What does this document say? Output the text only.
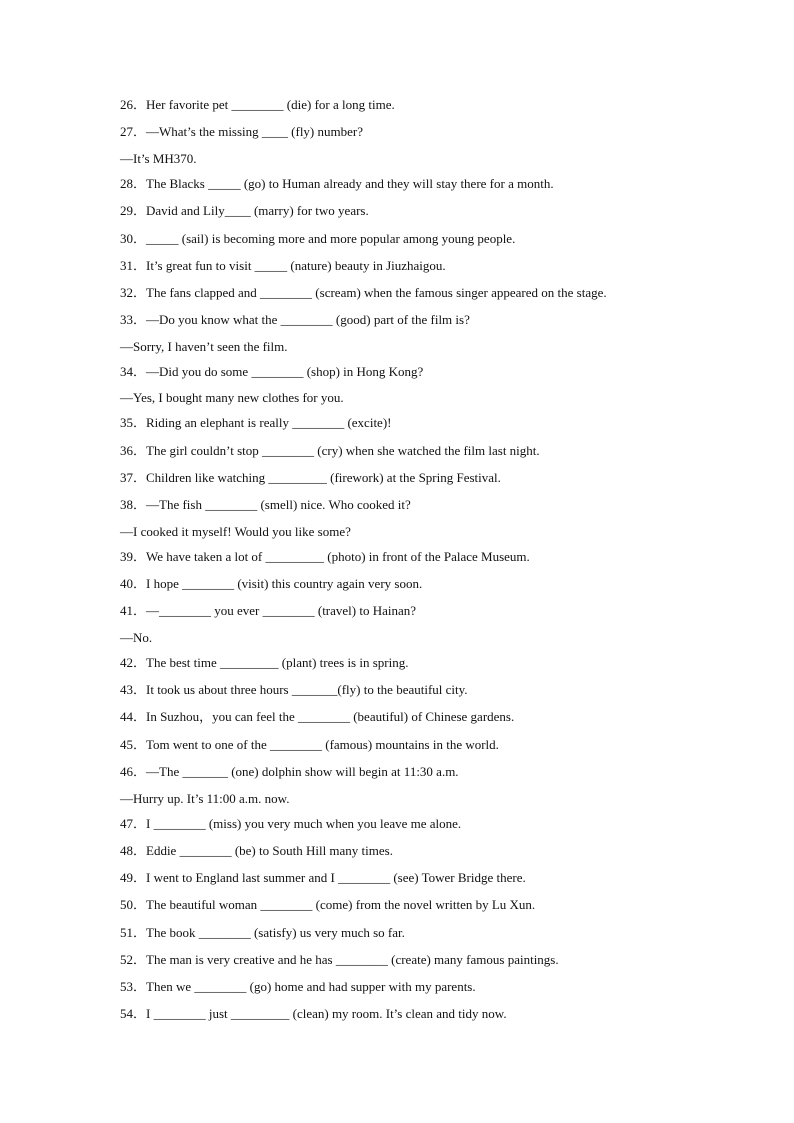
26．Her favorite pet ________ (die) for a long time.
27．—What’s the missing ____ (fly) number?
—It’s MH370.
28．The Blacks _____ (go) to Human already and they will stay there for a month.
29．David and Lily____ (marry) for two years.
30．_____ (sail) is becoming more and more popular among young people.
31．It’s great fun to visit _____ (nature) beauty in Jiuzhaigou.
32．The fans clapped and ________ (scream) when the famous singer appeared on the stage.
33．—Do you know what the ________ (good) part of the film is?
—Sorry, I haven’t seen the film.
34．—Did you do some ________ (shop) in Hong Kong?
—Yes, I bought many new clothes for you.
35．Riding an elephant is really ________ (excite)!
36．The girl couldn’t stop ________ (cry) when she watched the film last night.
37．Children like watching _________ (firework) at the Spring Festival.
38．—The fish ________ (smell) nice. Who cooked it?
—I cooked it myself! Would you like some?
39．We have taken a lot of _________ (photo) in front of the Palace Museum.
40．I hope ________ (visit) this country again very soon.
41．—________ you ever ________ (travel) to Hainan?
—No.
42．The best time _________ (plant) trees is in spring.
43．It took us about three hours _______(fly) to the beautiful city.
44．In Suzhou，you can feel the ________ (beautiful) of Chinese gardens.
45．Tom went to one of the ________ (famous) mountains in the world.
46．—The _______ (one) dolphin show will begin at 11:30 a.m.
—Hurry up. It’s 11:00 a.m. now.
47．I ________ (miss) you very much when you leave me alone.
48．Eddie ________ (be) to South Hill many times.
49．I went to England last summer and I ________ (see) Tower Bridge there.
50．The beautiful woman ________ (come) from the novel written by Lu Xun.
51．The book ________ (satisfy) us very much so far.
52．The man is very creative and he has ________ (create) many famous paintings.
53．Then we ________ (go) home and had supper with my parents.
54．I ________ just _________ (clean) my room. It’s clean and tidy now.
